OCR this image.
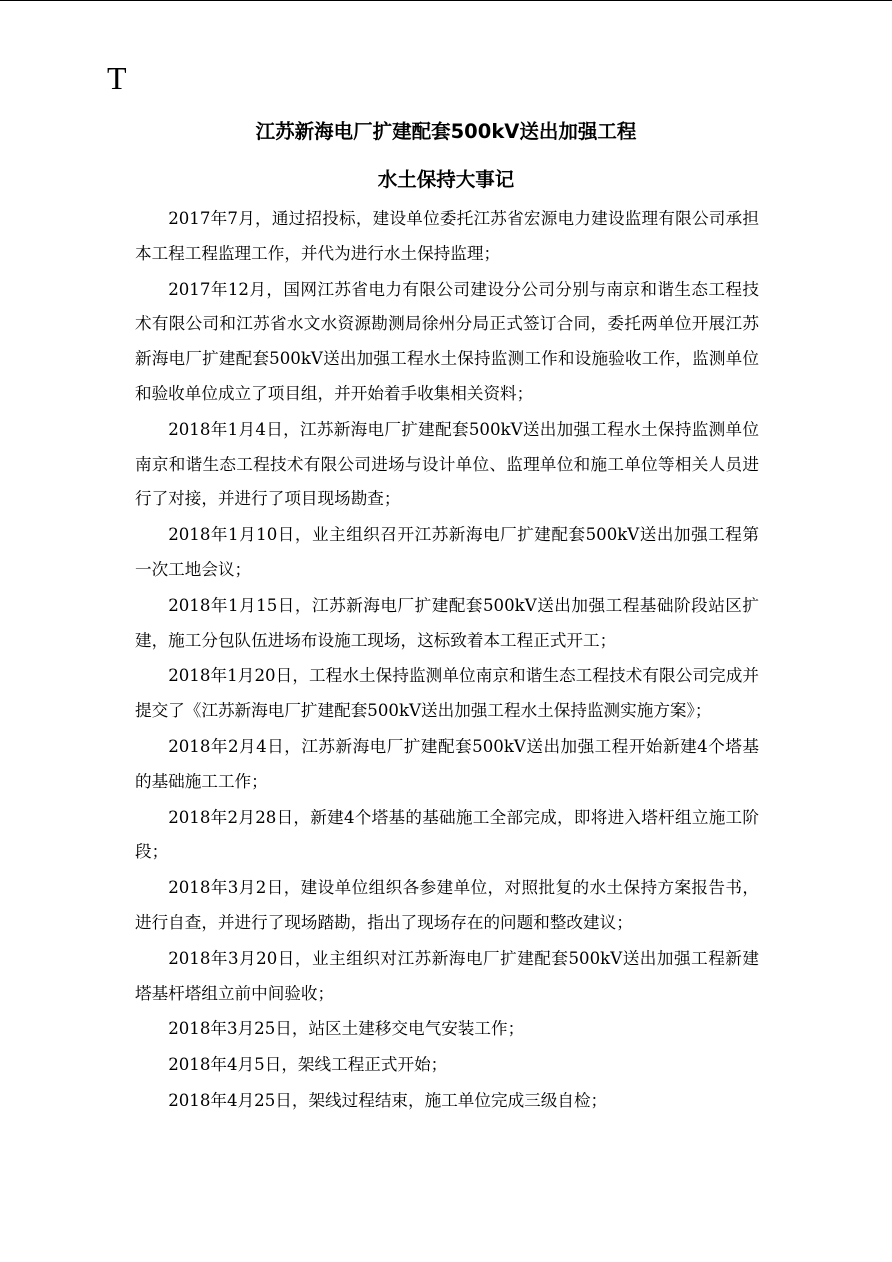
T
江苏新海电厂扩建配套500kV送出加强工程
水土保持大事记

2017年7月，通过招投标，建设单位委托江苏省宏源电力建设监理有限公司承担本工程工程监理工作，并代为进行水土保持监理；

2017年12月，国网江苏省电力有限公司建设分公司分别与南京和谐生态工程技术有限公司和江苏省水文水资源勘测局徐州分局正式签订合同，委托两单位开展江苏新海电厂扩建配套500kV送出加强工程水土保持监测工作和设施验收工作，监测单位和验收单位成立了项目组，并开始着手收集相关资料；

2018年1月4日，江苏新海电厂扩建配套500kV送出加强工程水土保持监测单位南京和谐生态工程技术有限公司进场与设计单位、监理单位和施工单位等相关人员进行了对接，并进行了项目现场勘查；

2018年1月10日，业主组织召开江苏新海电厂扩建配套500kV送出加强工程第一次工地会议；

2018年1月15日，江苏新海电厂扩建配套500kV送出加强工程基础阶段站区扩建，施工分包队伍进场布设施工现场，这标致着本工程正式开工；

2018年1月20日，工程水土保持监测单位南京和谐生态工程技术有限公司完成并提交了《江苏新海电厂扩建配套500kV送出加强工程水土保持监测实施方案》；

2018年2月4日，江苏新海电厂扩建配套500kV送出加强工程开始新建4个塔基的基础施工工作；

2018年2月28日，新建4个塔基的基础施工全部完成，即将进入塔杆组立施工阶段；

2018年3月2日，建设单位组织各参建单位，对照批复的水土保持方案报告书，进行自查，并进行了现场踏勘，指出了现场存在的问题和整改建议；

2018年3月20日，业主组织对江苏新海电厂扩建配套500kV送出加强工程新建塔基杆塔组立前中间验收；

2018年3月25日，站区土建移交电气安装工作；

2018年4月5日，架线工程正式开始；

2018年4月25日，架线过程结束，施工单位完成三级自检；
